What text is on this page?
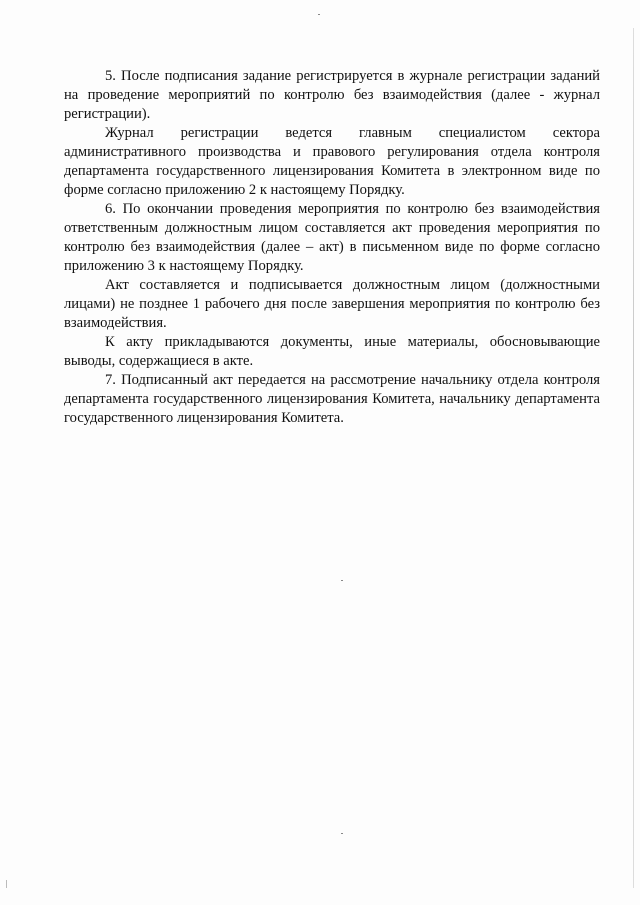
5. После подписания задание регистрируется в журнале регистрации заданий на проведение мероприятий по контролю без взаимодействия (далее - журнал регистрации).

Журнал регистрации ведется главным специалистом сектора административного производства и правового регулирования отдела контроля департамента государственного лицензирования Комитета в электронном виде по форме согласно приложению 2 к настоящему Порядку.

6. По окончании проведения мероприятия по контролю без взаимодействия ответственным должностным лицом составляется акт проведения мероприятия по контролю без взаимодействия (далее – акт) в письменном виде по форме согласно приложению 3 к настоящему Порядку.

Акт составляется и подписывается должностным лицом (должностными лицами) не позднее 1 рабочего дня после завершения мероприятия по контролю без взаимодействия.

К акту прикладываются документы, иные материалы, обосновывающие выводы, содержащиеся в акте.

7. Подписанный акт передается на рассмотрение начальнику отдела контроля департамента государственного лицензирования Комитета, начальнику департамента государственного лицензирования Комитета.
